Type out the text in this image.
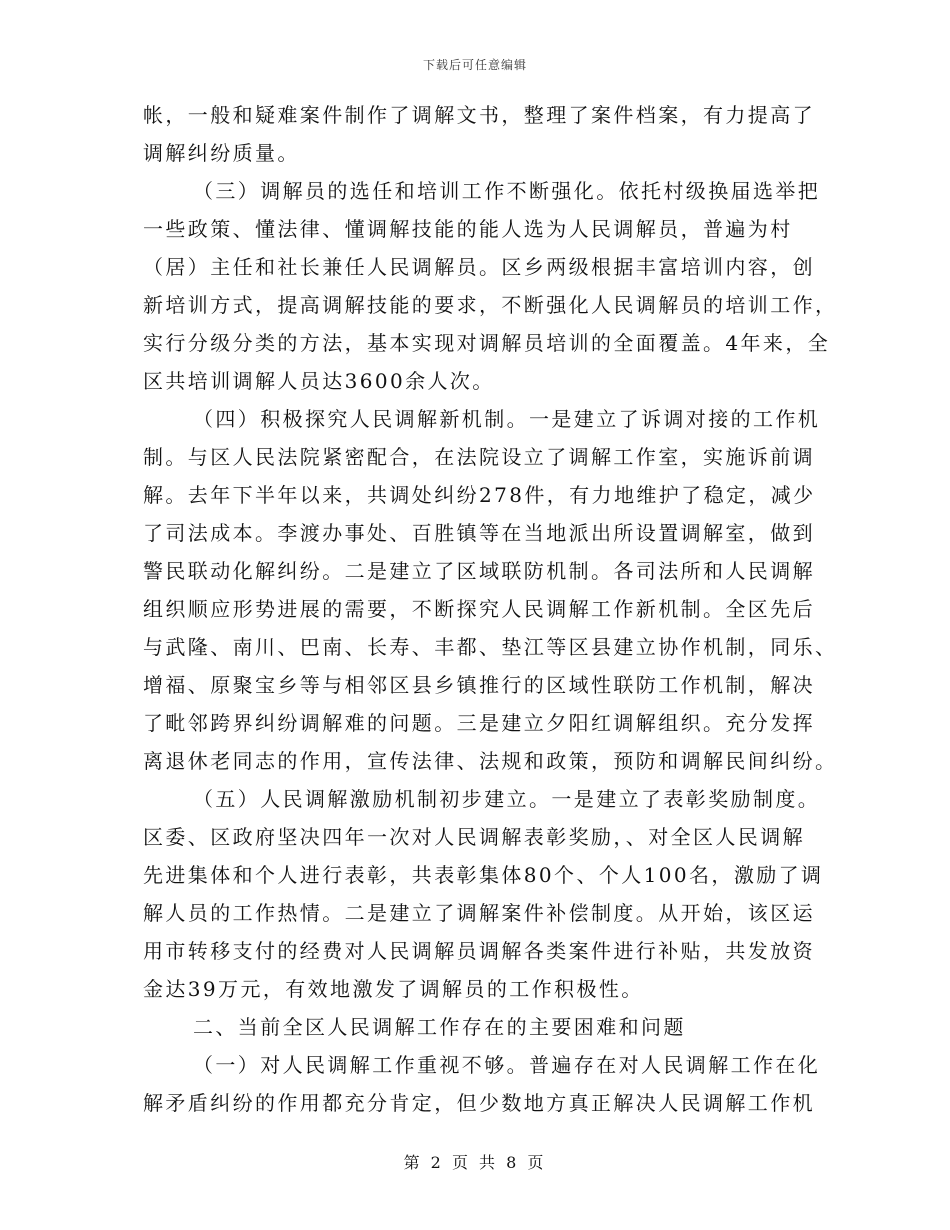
下载后可任意编辑
帐，一般和疑难案件制作了调解文书，整理了案件档案，有力提高了
调解纠纷质量。
（三）调解员的选任和培训工作不断强化。依托村级换届选举把
一些政策、懂法律、懂调解技能的能人选为人民调解员，普遍为村
（居）主任和社长兼任人民调解员。区乡两级根据丰富培训内容，创
新培训方式，提高调解技能的要求，不断强化人民调解员的培训工作，
实行分级分类的方法，基本实现对调解员培训的全面覆盖。4年来，全
区共培训调解人员达3600余人次。
（四）积极探究人民调解新机制。一是建立了诉调对接的工作机
制。与区人民法院紧密配合，在法院设立了调解工作室，实施诉前调
解。去年下半年以来，共调处纠纷278件，有力地维护了稳定，减少
了司法成本。李渡办事处、百胜镇等在当地派出所设置调解室，做到
警民联动化解纠纷。二是建立了区域联防机制。各司法所和人民调解
组织顺应形势进展的需要，不断探究人民调解工作新机制。全区先后
与武隆、南川、巴南、长寿、丰都、垫江等区县建立协作机制，同乐、
增福、原聚宝乡等与相邻区县乡镇推行的区域性联防工作机制，解决
了毗邻跨界纠纷调解难的问题。三是建立夕阳红调解组织。充分发挥
离退休老同志的作用，宣传法律、法规和政策，预防和调解民间纠纷。
（五）人民调解激励机制初步建立。一是建立了表彰奖励制度。
区委、区政府坚决四年一次对人民调解表彰奖励，、对全区人民调解
先进集体和个人进行表彰，共表彰集体80个、个人100名，激励了调
解人员的工作热情。二是建立了调解案件补偿制度。从开始，该区运
用市转移支付的经费对人民调解员调解各类案件进行补贴，共发放资
金达39万元，有效地激发了调解员的工作积极性。
二、当前全区人民调解工作存在的主要困难和问题
（一）对人民调解工作重视不够。普遍存在对人民调解工作在化
解矛盾纠纷的作用都充分肯定，但少数地方真正解决人民调解工作机
第 2 页 共 8 页
